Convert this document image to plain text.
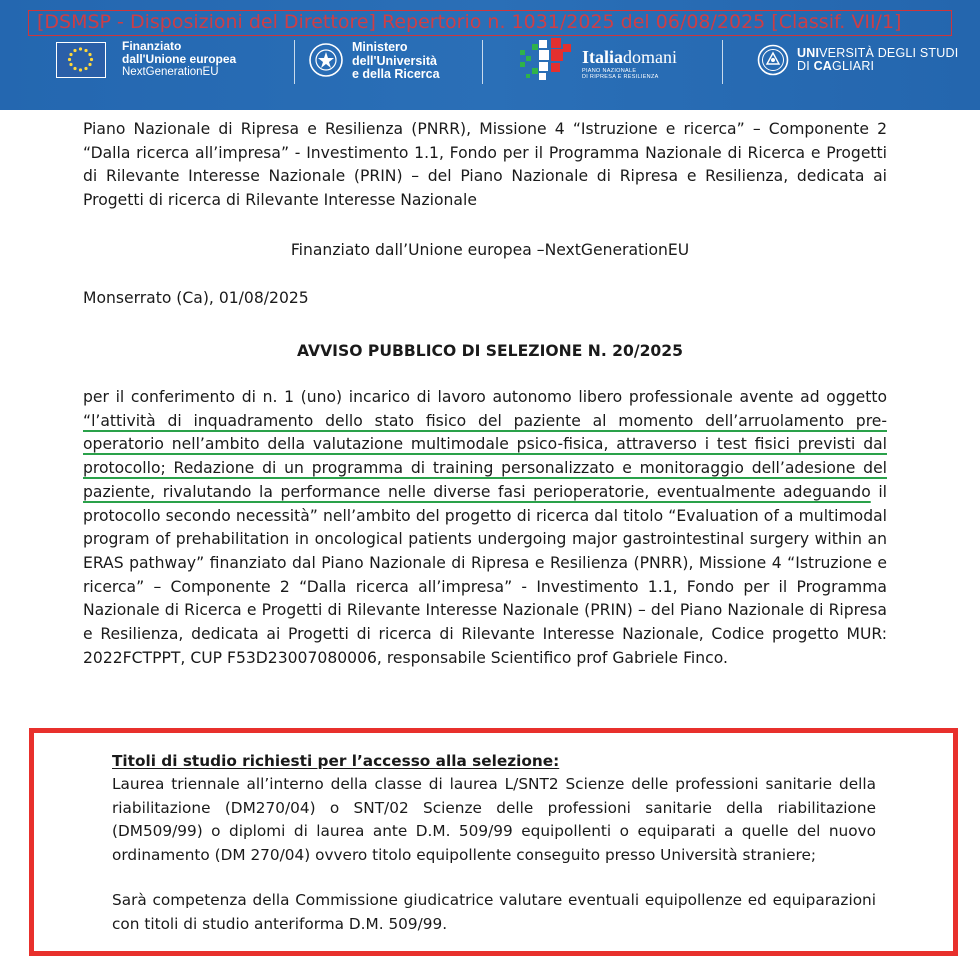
[DSMSP - Disposizioni del Direttore] Repertorio n. 1031/2025 del 06/08/2025 [Classif. VII/1]
Finanziato
dall'Unione europea
NextGenerationEU
Ministero
dell'Università
e della Ricerca
Italiadomani
PIANO NAZIONALE
DI RIPRESA E RESILIENZA
UNIVERSITÀ DEGLI STUDI
DI CAGLIARI

Piano Nazionale di Ripresa e Resilienza (PNRR), Missione 4 “Istruzione e ricerca” – Componente 2 “Dalla ricerca all’impresa” - Investimento 1.1, Fondo per il Programma Nazionale di Ricerca e Progetti di Rilevante Interesse Nazionale (PRIN) – del Piano Nazionale di Ripresa e Resilienza, dedicata ai Progetti di ricerca di Rilevante Interesse Nazionale

Finanziato dall’Unione europea –NextGenerationEU
Monserrato (Ca), 01/08/2025
AVVISO PUBBLICO DI SELEZIONE N. 20/2025

per il conferimento di n. 1 (uno) incarico di lavoro autonomo libero professionale avente ad oggetto “l’attività di inquadramento dello stato fisico del paziente al momento dell’arruolamento pre-operatorio nell’ambito della valutazione multimodale psico-fisica, attraverso i test fisici previsti dal protocollo; Redazione di un programma di training personalizzato e monitoraggio dell’adesione del paziente, rivalutando la performance nelle diverse fasi perioperatorie, eventualmente adeguando il protocollo secondo necessità” nell’ambito del progetto di ricerca dal titolo “Evaluation of a multimodal program of prehabilitation in oncological patients undergoing major gastrointestinal surgery within an ERAS pathway” finanziato dal Piano Nazionale di Ripresa e Resilienza (PNRR), Missione 4 “Istruzione e ricerca” – Componente 2 “Dalla ricerca all’impresa” - Investimento 1.1, Fondo per il Programma Nazionale di Ricerca e Progetti di Rilevante Interesse Nazionale (PRIN) – del Piano Nazionale di Ripresa e Resilienza, dedicata ai Progetti di ricerca di Rilevante Interesse Nazionale, Codice progetto MUR: 2022FCTPPT, CUP F53D23007080006, responsabile Scientifico prof Gabriele Finco.

Titoli di studio richiesti per l’accesso alla selezione:

Laurea triennale all’interno della classe di laurea L/SNT2 Scienze delle professioni sanitarie della riabilitazione (DM270/04) o SNT/02 Scienze delle professioni sanitarie della riabilitazione (DM509/99) o diplomi di laurea ante D.M. 509/99 equipollenti o equiparati a quelle del nuovo ordinamento (DM 270/04) ovvero titolo equipollente conseguito presso Università straniere;

Sarà competenza della Commissione giudicatrice valutare eventuali equipollenze ed equiparazioni con titoli di studio anteriforma D.M. 509/99.
